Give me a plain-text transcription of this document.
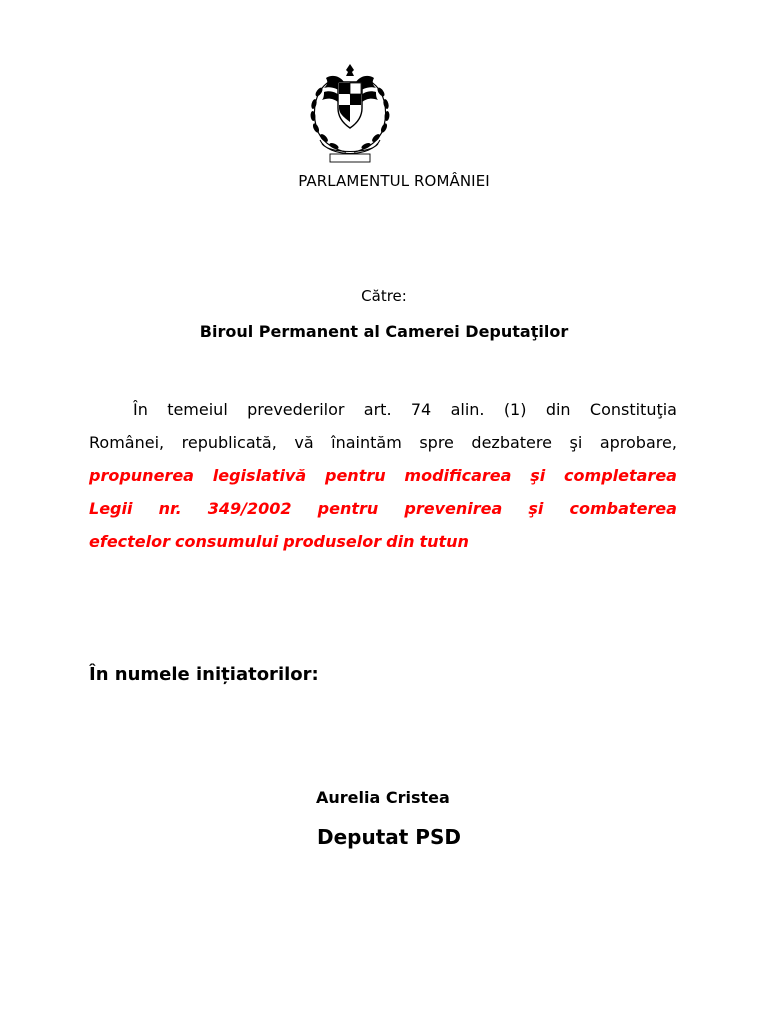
PARLAMENTUL ROMÂNIEI
Către:
Biroul Permanent al Camerei Deputaţilor
În temeiul prevederilor art. 74 alin. (1) din Constituţia
Românei, republicată, vă înaintăm spre dezbatere şi aprobare,
propunerea legislativă pentru modificarea şi completarea
Legii nr. 349/2002 pentru prevenirea şi combaterea
efectelor consumului produselor din tutun
În numele inițiatorilor:
Aurelia Cristea
Deputat PSD
